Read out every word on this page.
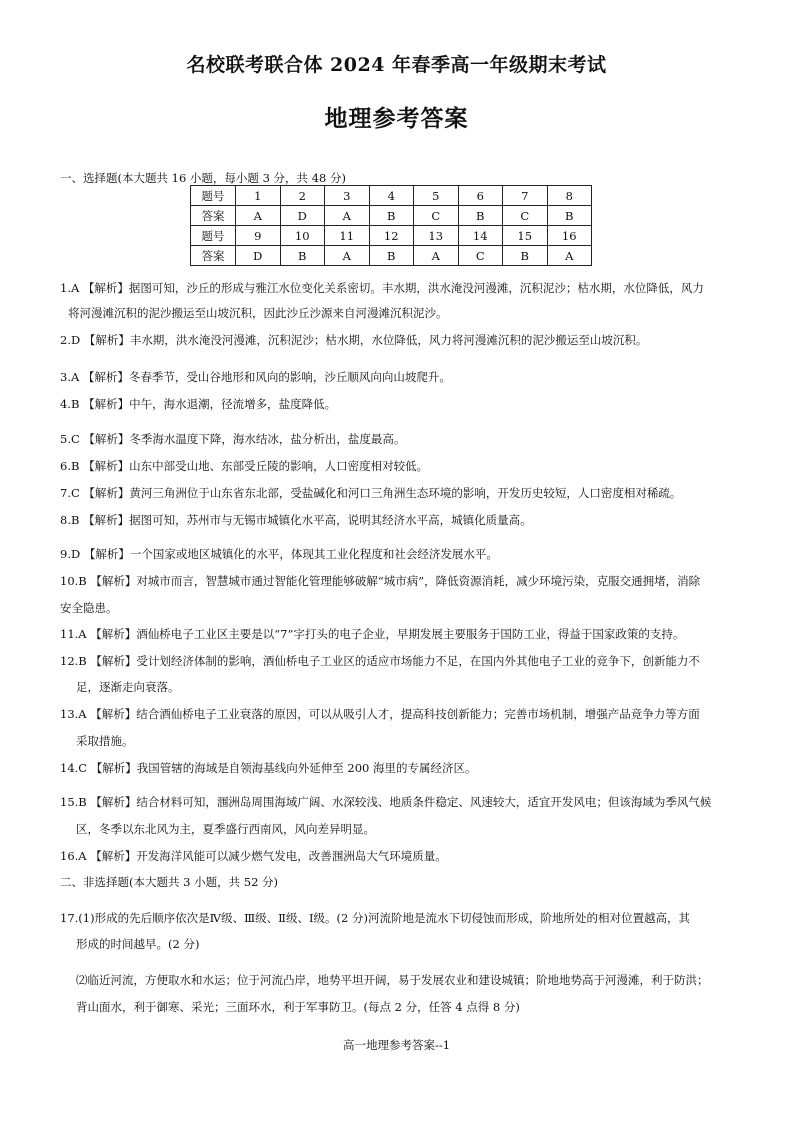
名校联考联合体 2024 年春季高一年级期末考试
地理参考答案
一、选择题(本大题共 16 小题，每小题 3 分，共 48 分)
题号	1	2	3	4	5	6	7	8
答案	A	D	A	B	C	B	C	B
题号	9	10	11	12	13	14	15	16
答案	D	B	A	B	A	C	B	A
1.A 【解析】据图可知，沙丘的形成与雅江水位变化关系密切。丰水期，洪水淹没河漫滩，沉积泥沙；枯水期，水位降低，风力
将河漫滩沉积的泥沙搬运至山坡沉积，因此沙丘沙源来自河漫滩沉积泥沙。
2.D 【解析】丰水期，洪水淹没河漫滩，沉积泥沙；枯水期，水位降低，风力将河漫滩沉积的泥沙搬运至山坡沉积。
3.A 【解析】冬春季节，受山谷地形和风向的影响，沙丘顺风向向山坡爬升。
4.B 【解析】中午，海水退潮，径流增多，盐度降低。
5.C 【解析】冬季海水温度下降，海水结冰，盐分析出，盐度最高。
6.B 【解析】山东中部受山地、东部受丘陵的影响，人口密度相对较低。
7.C 【解析】黄河三角洲位于山东省东北部，受盐碱化和河口三角洲生态环境的影响，开发历史较短，人口密度相对稀疏。
8.B 【解析】据图可知，苏州市与无锡市城镇化水平高，说明其经济水平高，城镇化质量高。
9.D 【解析】一个国家或地区城镇化的水平，体现其工业化程度和社会经济发展水平。
10.B 【解析】对城市而言，智慧城市通过智能化管理能够破解“城市病”，降低资源消耗，减少环境污染，克服交通拥堵，消除
安全隐患。
11.A 【解析】酒仙桥电子工业区主要是以“7”字打头的电子企业，早期发展主要服务于国防工业，得益于国家政策的支持。
12.B 【解析】受计划经济体制的影响，酒仙桥电子工业区的适应市场能力不足，在国内外其他电子工业的竞争下，创新能力不
足，逐渐走向衰落。
13.A 【解析】结合酒仙桥电子工业衰落的原因，可以从吸引人才，提高科技创新能力；完善市场机制，增强产品竞争力等方面
采取措施。
14.C 【解析】我国管辖的海域是自领海基线向外延伸至 200 海里的专属经济区。
15.B 【解析】结合材料可知，涠洲岛周围海域广阔、水深较浅、地质条件稳定、风速较大，适宜开发风电；但该海域为季风气候
区，冬季以东北风为主，夏季盛行西南风，风向差异明显。
16.A 【解析】开发海洋风能可以减少燃气发电，改善涠洲岛大气环境质量。
二、非选择题(本大题共 3 小题，共 52 分)
17.(1)形成的先后顺序依次是Ⅳ级、Ⅲ级、Ⅱ级、Ⅰ级。(2 分)河流阶地是流水下切侵蚀而形成，阶地所处的相对位置越高，其
形成的时间越早。(2 分)
⑵临近河流，方便取水和水运；位于河流凸岸，地势平坦开阔，易于发展农业和建设城镇；阶地地势高于河漫滩，利于防洪；
背山面水，利于御寒、采光；三面环水，利于军事防卫。(每点 2 分，任答 4 点得 8 分)
高一地理参考答案--1
